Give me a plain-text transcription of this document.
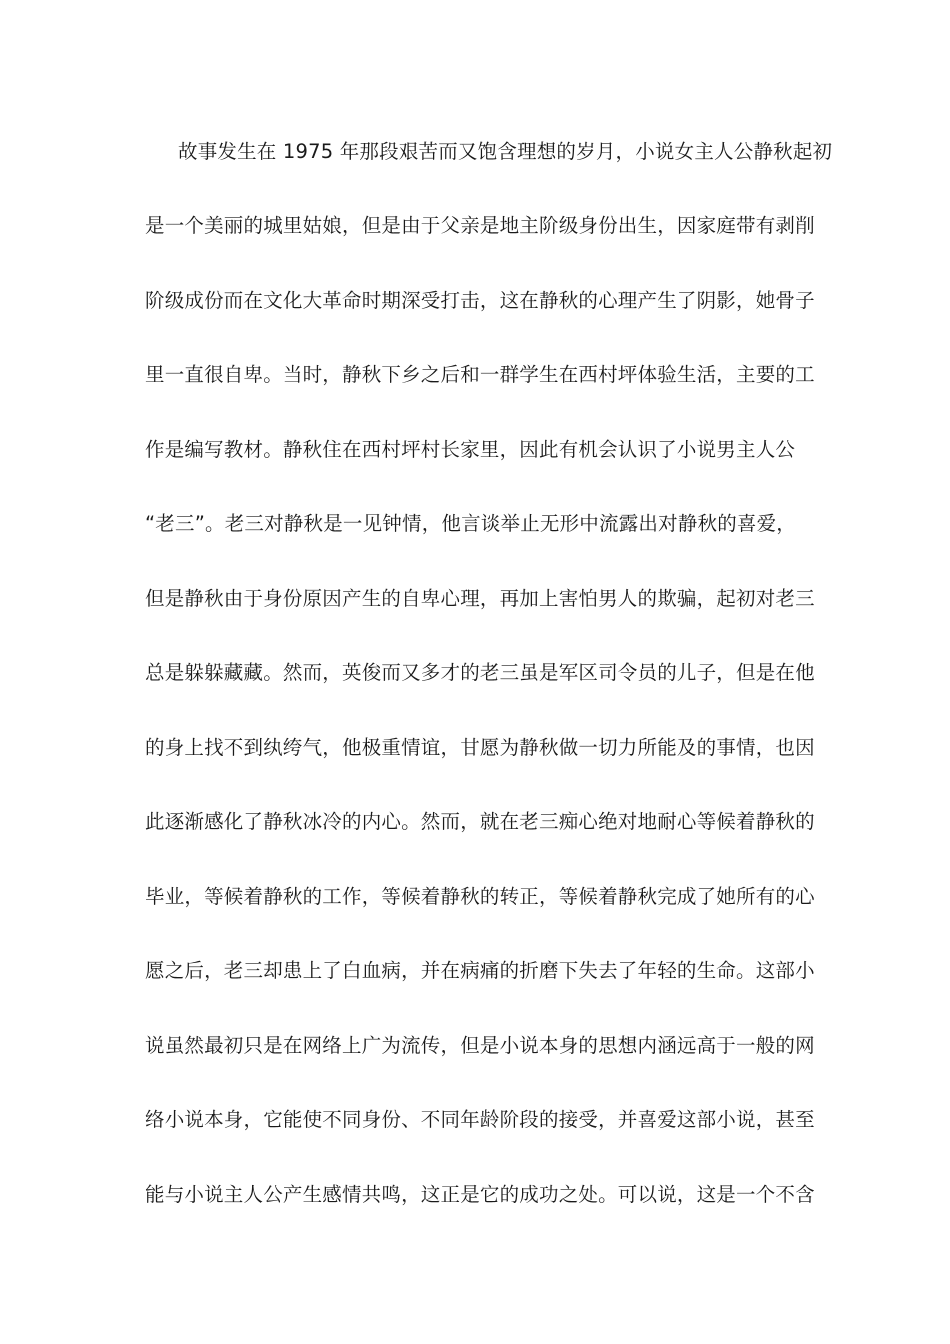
故事发生在 1975 年那段艰苦而又饱含理想的岁月，小说女主人公静秋起初
是一个美丽的城里姑娘，但是由于父亲是地主阶级身份出生，因家庭带有剥削
阶级成份而在文化大革命时期深受打击，这在静秋的心理产生了阴影，她骨子
里一直很自卑。当时，静秋下乡之后和一群学生在西村坪体验生活，主要的工
作是编写教材。静秋住在西村坪村长家里，因此有机会认识了小说男主人公
“老三”。老三对静秋是一见钟情，他言谈举止无形中流露出对静秋的喜爱，
但是静秋由于身份原因产生的自卑心理，再加上害怕男人的欺骗，起初对老三
总是躲躲藏藏。然而，英俊而又多才的老三虽是军区司令员的儿子，但是在他
的身上找不到纨绔气，他极重情谊，甘愿为静秋做一切力所能及的事情，也因
此逐渐感化了静秋冰冷的内心。然而，就在老三痴心绝对地耐心等候着静秋的
毕业，等候着静秋的工作，等候着静秋的转正，等候着静秋完成了她所有的心
愿之后，老三却患上了白血病，并在病痛的折磨下失去了年轻的生命。这部小
说虽然最初只是在网络上广为流传，但是小说本身的思想内涵远高于一般的网
络小说本身，它能使不同身份、不同年龄阶段的接受，并喜爱这部小说，甚至
能与小说主人公产生感情共鸣，这正是它的成功之处。可以说，这是一个不含
